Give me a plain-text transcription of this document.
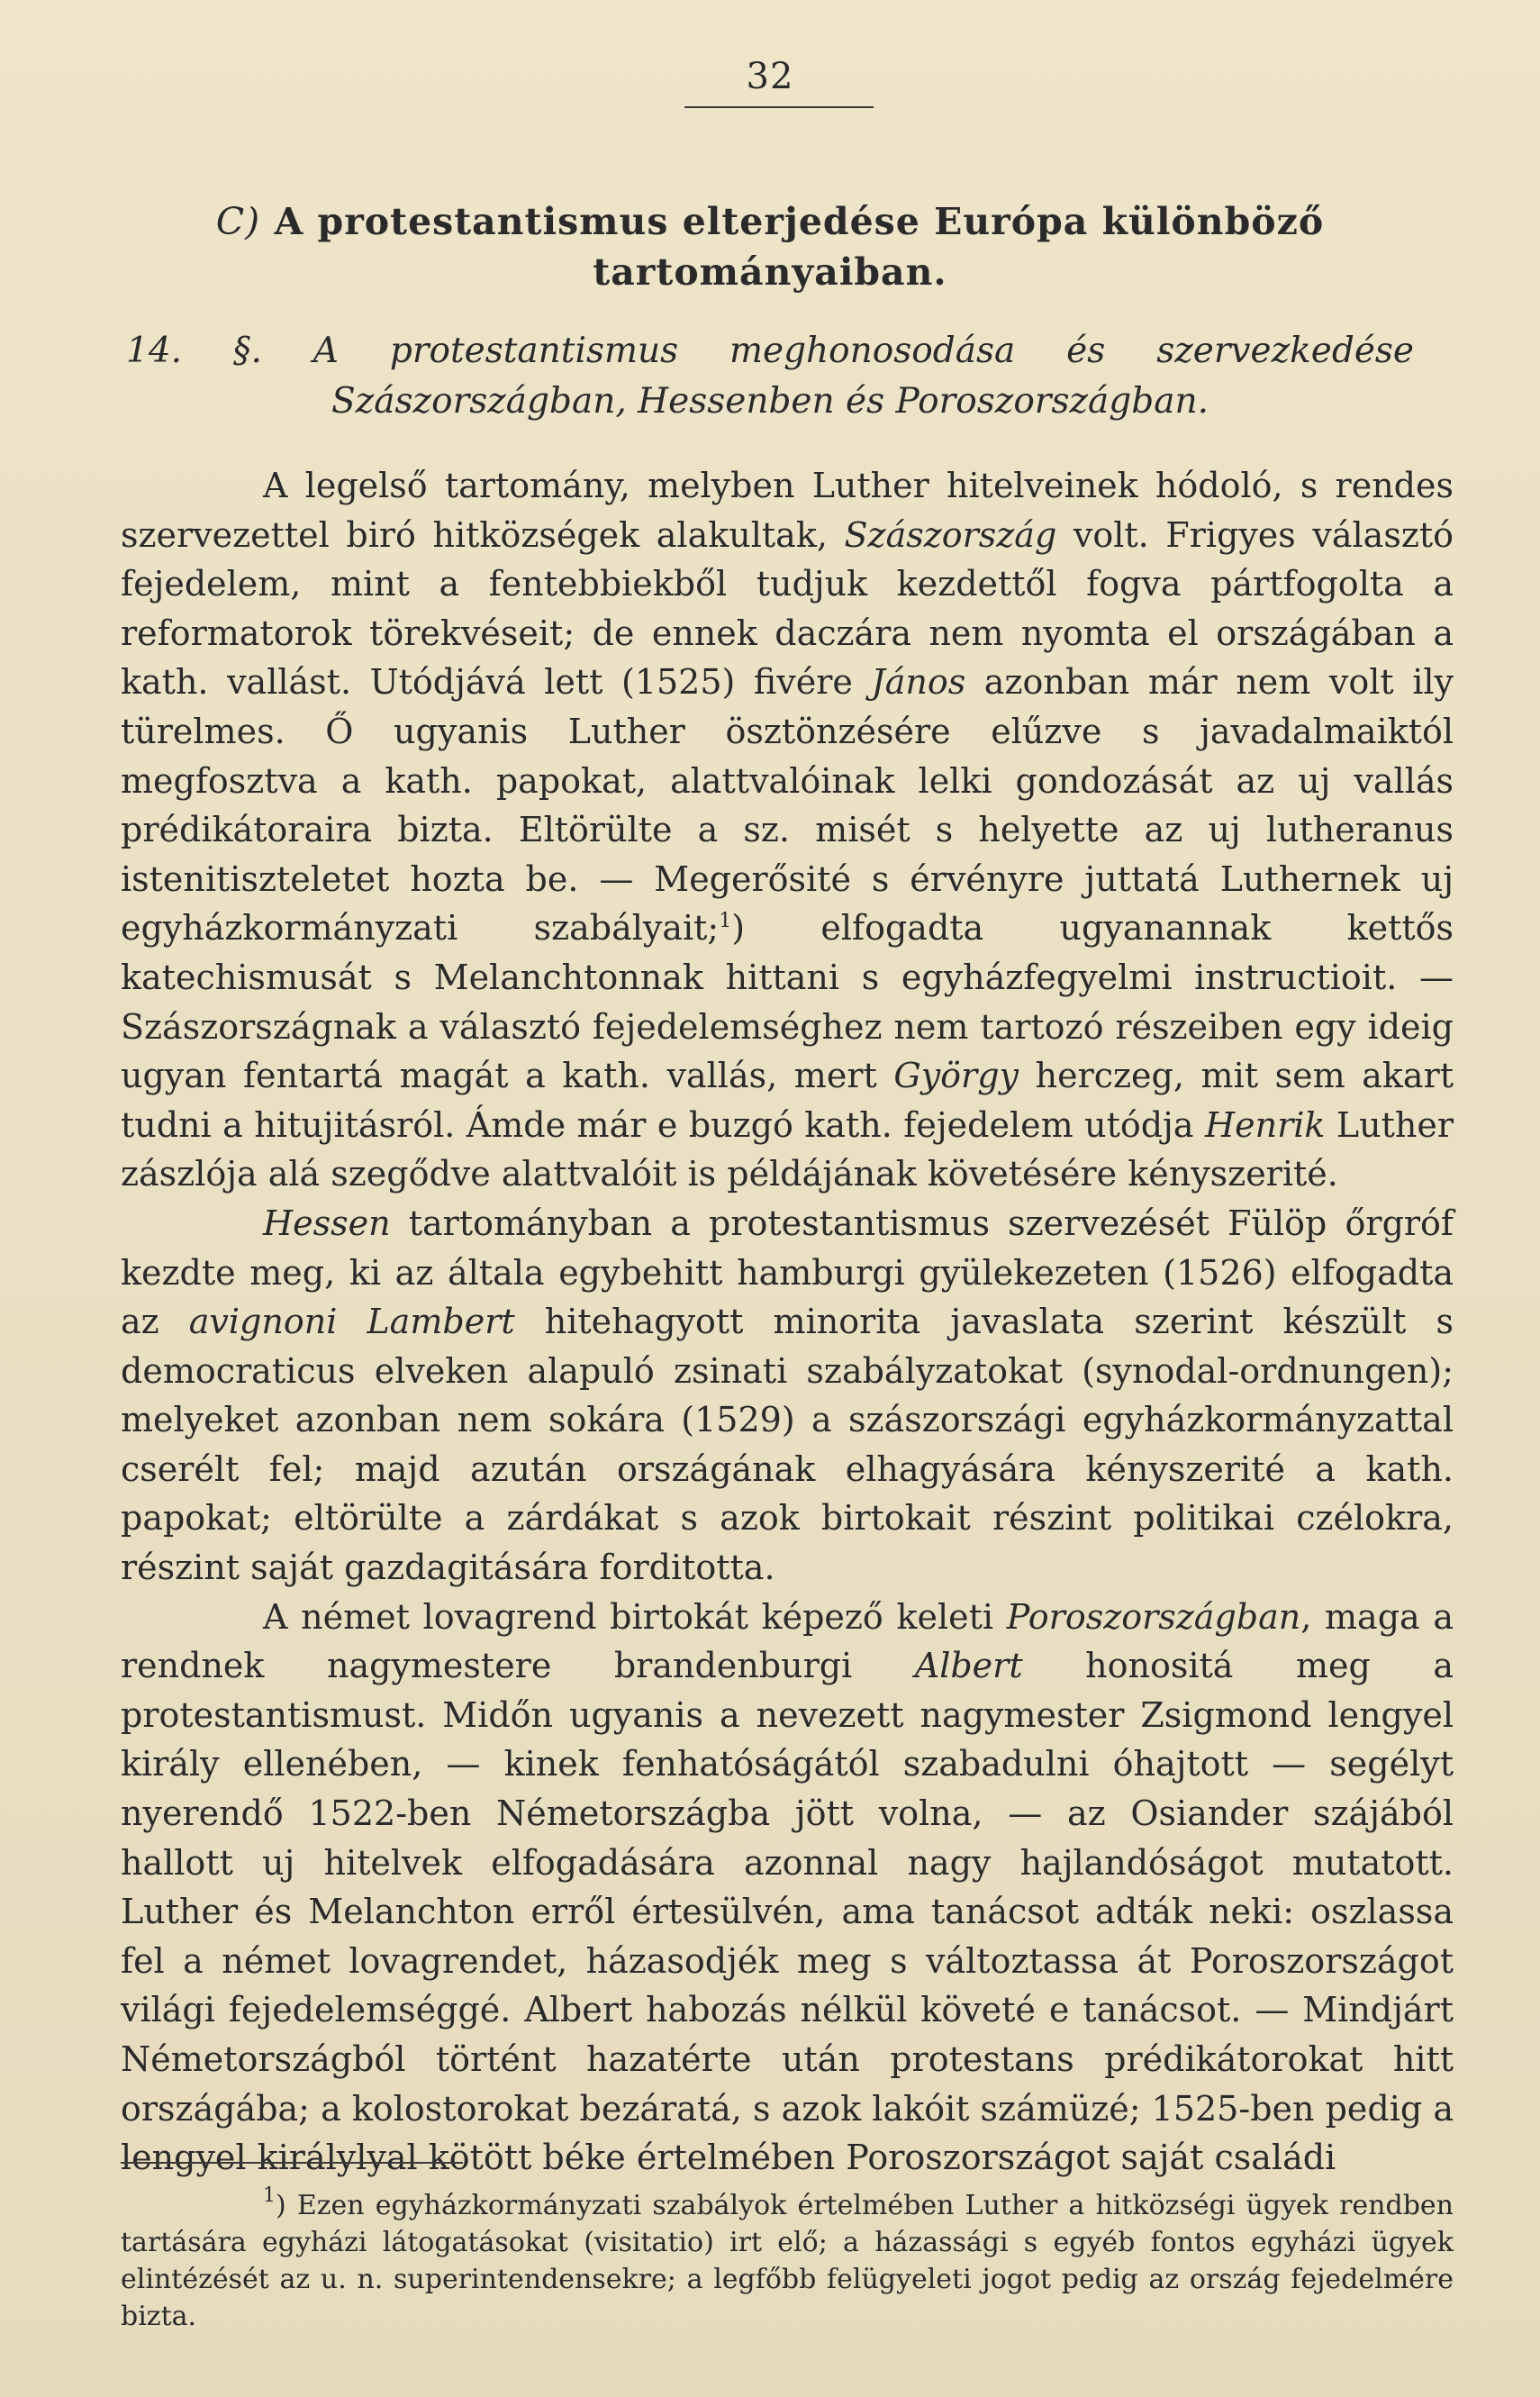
32
C) A protestantismus elterjedése Európa különböző tartományaiban.
14. §. A protestantismus meghonosodása és szervezkedése Szászországban, Hessenben és Poroszországban.

A legelső tartomány, melyben Luther hitelveinek hódoló, s rendes szervezettel biró hitközségek alakultak, Szászország volt. Frigyes választó fejedelem, mint a fentebbiekből tudjuk kezdettől fogva pártfogolta a reformatorok törekvéseit; de ennek daczára nem nyomta el országában a kath. vallást. Utódjává lett (1525) fivére János azonban már nem volt ily türelmes. Ő ugyanis Luther ösztönzésére elűzve s javadalmaiktól megfosztva a kath. papokat, alattvalóinak lelki gondozását az uj vallás prédikátoraira bizta. Eltörülte a sz. misét s helyette az uj lutheranus istenitiszteletet hozta be. — Megerősité s érvényre juttatá Luthernek uj egyházkormányzati szabályait;$^1$) elfogadta ugyanannak kettős katechismusát s Melanchtonnak hittani s egyházfegyelmi instructioit. — Szászországnak a választó fejedelemséghez nem tartozó részeiben egy ideig ugyan fentartá magát a kath. vallás, mert György herczeg, mit sem akart tudni a hitujitásról. Ámde már e buzgó kath. fejedelem utódja Henrik Luther zászlója alá szegődve alattvalóit is példájának követésére kényszerité.

Hessen tartományban a protestantismus szervezését Fülöp őrgróf kezdte meg, ki az általa egybehitt hamburgi gyülekezeten (1526) elfogadta az avignoni Lambert hitehagyott minorita javaslata szerint készült s democraticus elveken alapuló zsinati szabályzatokat (synodal-ordnungen); melyeket azonban nem sokára (1529) a szászországi egyházkormányzattal cserélt fel; majd azután országának elhagyására kényszerité a kath. papokat; eltörülte a zárdákat s azok birtokait részint politikai czélokra, részint saját gazdagitására forditotta.

A német lovagrend birtokát képező keleti Poroszországban, maga a rendnek nagymestere brandenburgi Albert honositá meg a protestantismust. Midőn ugyanis a nevezett nagymester Zsigmond lengyel király ellenében, — kinek fenhatóságától szabadulni óhajtott — segélyt nyerendő 1522-ben Németországba jött volna, — az Osiander szájából hallott uj hitelvek elfogadására azonnal nagy hajlandóságot mutatott. Luther és Melanchton erről értesülvén, ama tanácsot adták neki: oszlassa fel a német lovagrendet, házasodjék meg s változtassa át Poroszországot világi fejedelemséggé. Albert habozás nélkül követé e tanácsot. — Mindjárt Németországból történt hazatérte után protestans prédikátorokat hitt országába; a kolostorokat bezáratá, s azok lakóit számüzé; 1525-ben pedig a lengyel királylyal kötött béke értelmében Poroszországot saját családi

$^1$) Ezen egyházkormányzati szabályok értelmében Luther a hitközségi ügyek rendben tartására egyházi látogatásokat (visitatio) irt elő; a házassági s egyéb fontos egyházi ügyek elintézését az u. n. superintendensekre; a legfőbb felügyeleti jogot pedig az ország fejedelmére bizta.
